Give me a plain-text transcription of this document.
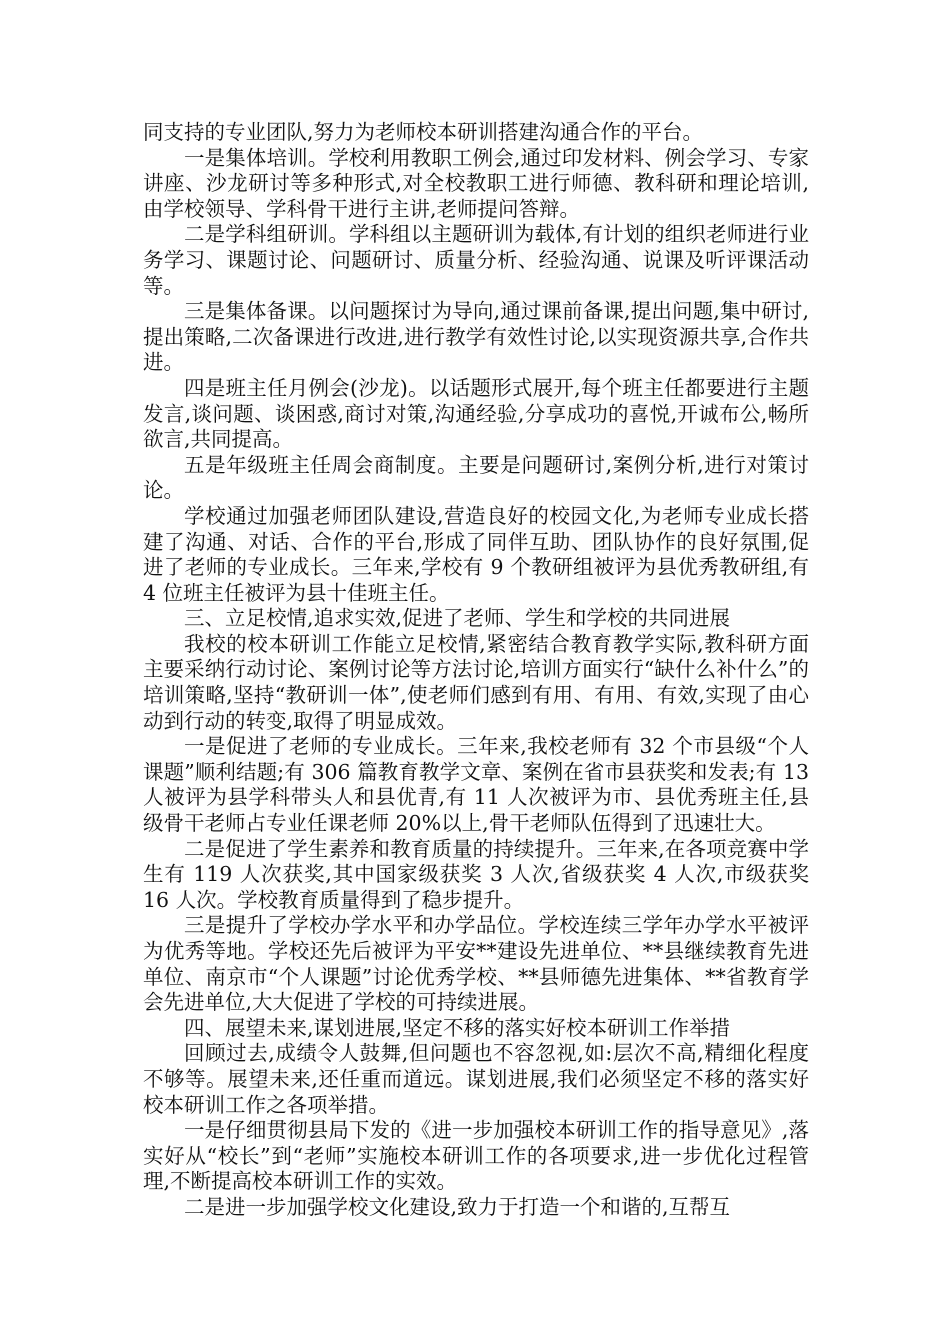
同支持的专业团队,努力为老师校本研训搭建沟通合作的平台。

一是集体培训。学校利用教职工例会,通过印发材料、例会学习、专家讲座、沙龙研讨等多种形式,对全校教职工进行师德、教科研和理论培训,由学校领导、学科骨干进行主讲,老师提问答辩。

二是学科组研训。学科组以主题研训为载体,有计划的组织老师进行业务学习、课题讨论、问题研讨、质量分析、经验沟通、说课及听评课活动等。

三是集体备课。以问题探讨为导向,通过课前备课,提出问题,集中研讨,提出策略,二次备课进行改进,进行教学有效性讨论,以实现资源共享,合作共进。

四是班主任月例会(沙龙)。以话题形式展开,每个班主任都要进行主题发言,谈问题、谈困惑,商讨对策,沟通经验,分享成功的喜悦,开诚布公,畅所欲言,共同提高。

五是年级班主任周会商制度。主要是问题研讨,案例分析,进行对策讨论。

学校通过加强老师团队建设,营造良好的校园文化,为老师专业成长搭建了沟通、对话、合作的平台,形成了同伴互助、团队协作的良好氛围,促进了老师的专业成长。三年来,学校有 9 个教研组被评为县优秀教研组,有 4 位班主任被评为县十佳班主任。

三、立足校情,追求实效,促进了老师、学生和学校的共同进展

我校的校本研训工作能立足校情,紧密结合教育教学实际,教科研方面主要采纳行动讨论、案例讨论等方法讨论,培训方面实行“缺什么补什么”的培训策略,坚持“教研训一体”,使老师们感到有用、有用、有效,实现了由心动到行动的转变,取得了明显成效。

一是促进了老师的专业成长。三年来,我校老师有 32 个市县级“个人课题”顺利结题;有 306 篇教育教学文章、案例在省市县获奖和发表;有 13 人被评为县学科带头人和县优青,有 11 人次被评为市、县优秀班主任,县级骨干老师占专业任课老师 20%以上,骨干老师队伍得到了迅速壮大。

二是促进了学生素养和教育质量的持续提升。三年来,在各项竞赛中学生有 119 人次获奖,其中国家级获奖 3 人次,省级获奖 4 人次,市级获奖 16 人次。学校教育质量得到了稳步提升。

三是提升了学校办学水平和办学品位。学校连续三学年办学水平被评为优秀等地。学校还先后被评为平安**建设先进单位、**县继续教育先进单位、南京市“个人课题”讨论优秀学校、**县师德先进集体、**省教育学会先进单位,大大促进了学校的可持续进展。

四、展望未来,谋划进展,坚定不移的落实好校本研训工作举措

回顾过去,成绩令人鼓舞,但问题也不容忽视,如:层次不高,精细化程度不够等。展望未来,还任重而道远。谋划进展,我们必须坚定不移的落实好校本研训工作之各项举措。

一是仔细贯彻县局下发的《进一步加强校本研训工作的指导意见》,落实好从“校长”到“老师”实施校本研训工作的各项要求,进一步优化过程管理,不断提高校本研训工作的实效。

二是进一步加强学校文化建设,致力于打造一个和谐的,互帮互
